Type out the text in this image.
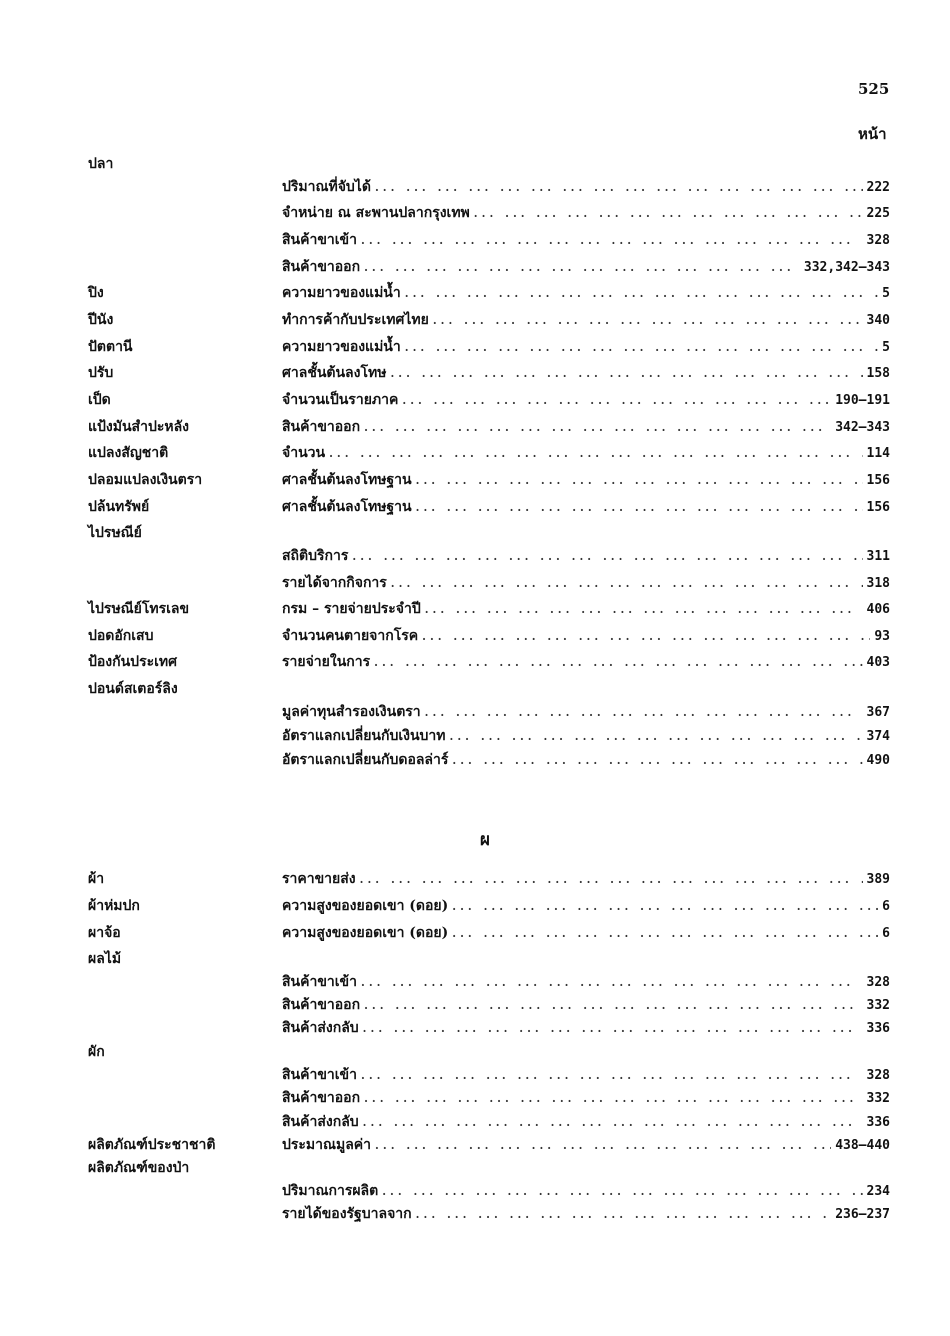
525
หน้า
ปลา
ปริมาณที่จับได้ ... .	222
จำหน่าย ณ สะพานปลากรุงเทพ ... .	225
สินค้าขาเข้า ... .	328
สินค้าขาออก ... .	332,342–343
ปิง	ความยาวของแม่น้ำ ... .	5
ปีนัง	ทำการค้ากับประเทศไทย ... .	340
ปัตตานี	ความยาวของแม่น้ำ ... .	5
ปรับ	ศาลชั้นต้นลงโทษ ... .	158
เป็ด	จำนวนเป็นรายภาค ... .	190–191
แป้งมันสำปะหลัง	สินค้าขาออก ... .	342–343
แปลงสัญชาติ	จำนวน ... .	114
ปลอมแปลงเงินตรา	ศาลชั้นต้นลงโทษฐาน ... .	156
ปล้นทรัพย์	ศาลชั้นต้นลงโทษฐาน ... .	156
ไปรษณีย์
สถิติบริการ ... .	311
รายได้จากกิจการ ... .	318
ไปรษณีย์โทรเลข	กรม – รายจ่ายประจำปี ... .	406
ปอดอักเสบ	จำนวนคนตายจากโรค ... .	93
ป้องกันประเทศ	รายจ่ายในการ ... .	403
ปอนด์สเตอร์ลิง
มูลค่าทุนสำรองเงินตรา ... .	367
อัตราแลกเปลี่ยนกับเงินบาท ... .	374
อัตราแลกเปลี่ยนกับดอลล่าร์ ... .	490
ผ้า	ราคาขายส่ง ... .	389
ผ้าห่มปก	ความสูงของยอดเขา (ดอย) ... .	6
ผาจ้อ	ความสูงของยอดเขา (ดอย) ... .	6
ผลไม้
สินค้าขาเข้า ... .	328
สินค้าขาออก ... .	332
สินค้าส่งกลับ ... .	336
ผัก
สินค้าขาเข้า ... .	328
สินค้าขาออก ... .	332
สินค้าส่งกลับ ... .	336
ผลิตภัณฑ์ประชาชาติ	ประมาณมูลค่า ... .	438–440
ผลิตภัณฑ์ของป่า
ปริมาณการผลิต ... .	234
รายได้ของรัฐบาลจาก ... .	236–237
ผ
